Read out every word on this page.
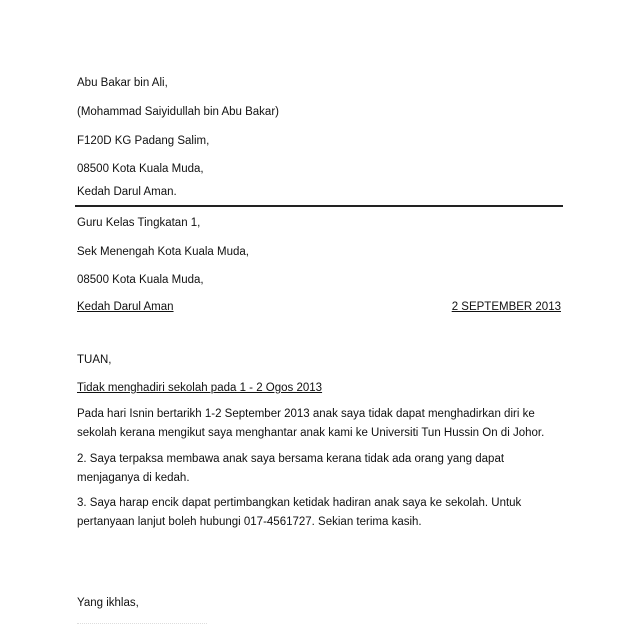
Abu Bakar bin Ali,

(Mohammad Saiyidullah bin Abu Bakar)

F120D KG Padang Salim,

08500 Kota Kuala Muda,

Kedah Darul Aman.

Guru Kelas Tingkatan 1,

Sek Menengah Kota Kuala Muda,

08500 Kota Kuala Muda,

Kedah Darul Aman	2 SEPTEMBER 2013

TUAN,

Tidak menghadiri sekolah pada 1 - 2 Ogos 2013

Pada hari Isnin bertarikh 1-2 September 2013 anak saya tidak dapat menghadirkan diri ke sekolah kerana mengikut saya menghantar anak kami ke Universiti Tun Hussin On di Johor.

2. Saya terpaksa membawa anak saya bersama kerana tidak ada orang yang dapat menjaganya di kedah.

3. Saya harap encik dapat pertimbangkan ketidak hadiran anak saya ke sekolah. Untuk pertanyaan lanjut boleh hubungi 017-4561727. Sekian terima kasih.

Yang ikhlas,
